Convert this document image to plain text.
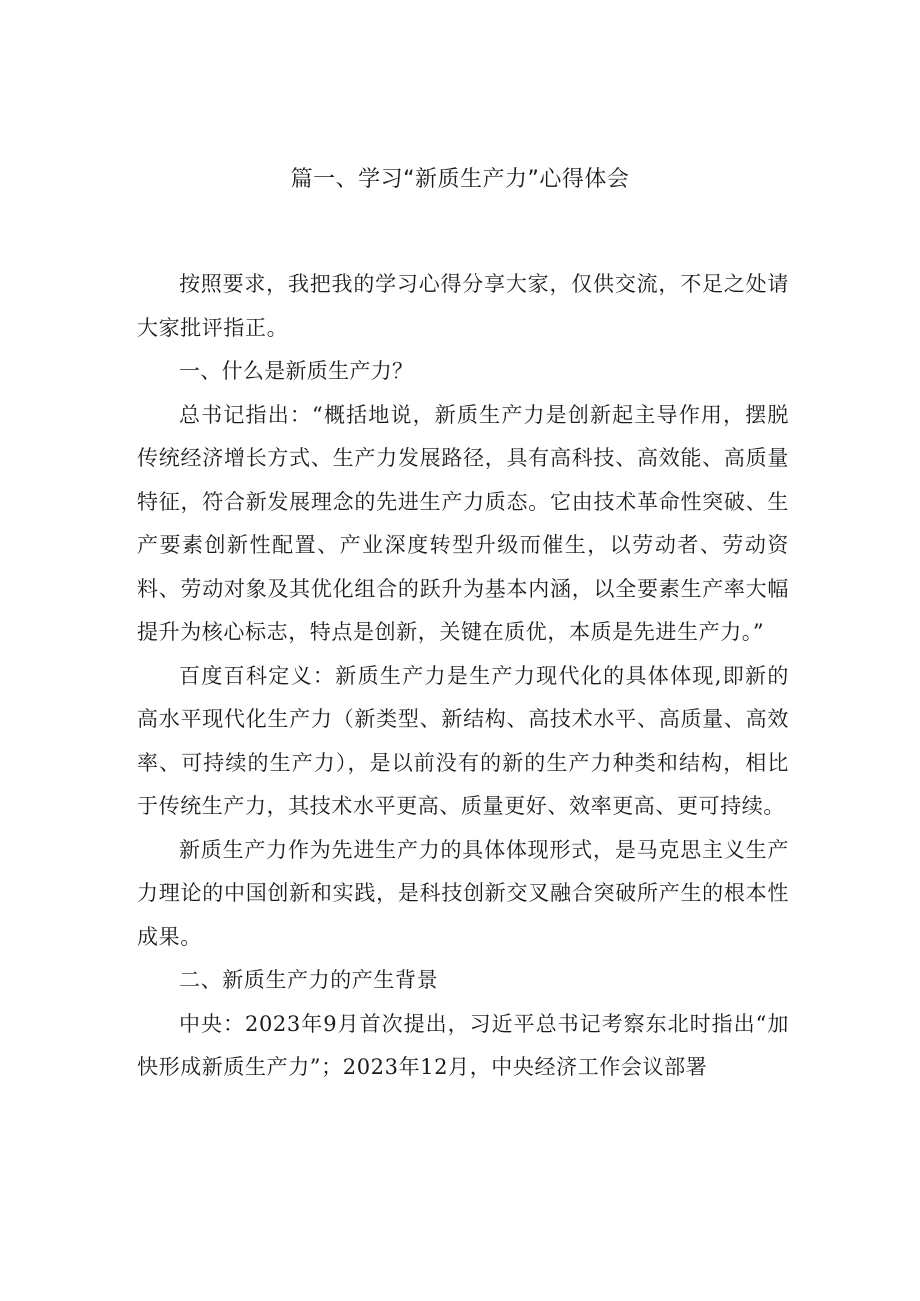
篇一、学习“新质生产力”心得体会

按照要求，我把我的学习心得分享大家，仅供交流，不足之处请大家批评指正。

一、什么是新质生产力？

总书记指出：“概括地说，新质生产力是创新起主导作用，摆脱传统经济增长方式、生产力发展路径，具有高科技、高效能、高质量特征，符合新发展理念的先进生产力质态。它由技术革命性突破、生产要素创新性配置、产业深度转型升级而催生，以劳动者、劳动资料、劳动对象及其优化组合的跃升为基本内涵，以全要素生产率大幅提升为核心标志，特点是创新，关键在质优，本质是先进生产力。”

百度百科定义：新质生产力是生产力现代化的具体体现,即新的高水平现代化生产力（新类型、新结构、高技术水平、高质量、高效率、可持续的生产力），是以前没有的新的生产力种类和结构，相比于传统生产力，其技术水平更高、质量更好、效率更高、更可持续。

新质生产力作为先进生产力的具体体现形式，是马克思主义生产力理论的中国创新和实践，是科技创新交叉融合突破所产生的根本性成果。

二、新质生产力的产生背景

中央：2023年9月首次提出，习近平总书记考察东北时指出“加快形成新质生产力”；2023年12月，中央经济工作会议部署
